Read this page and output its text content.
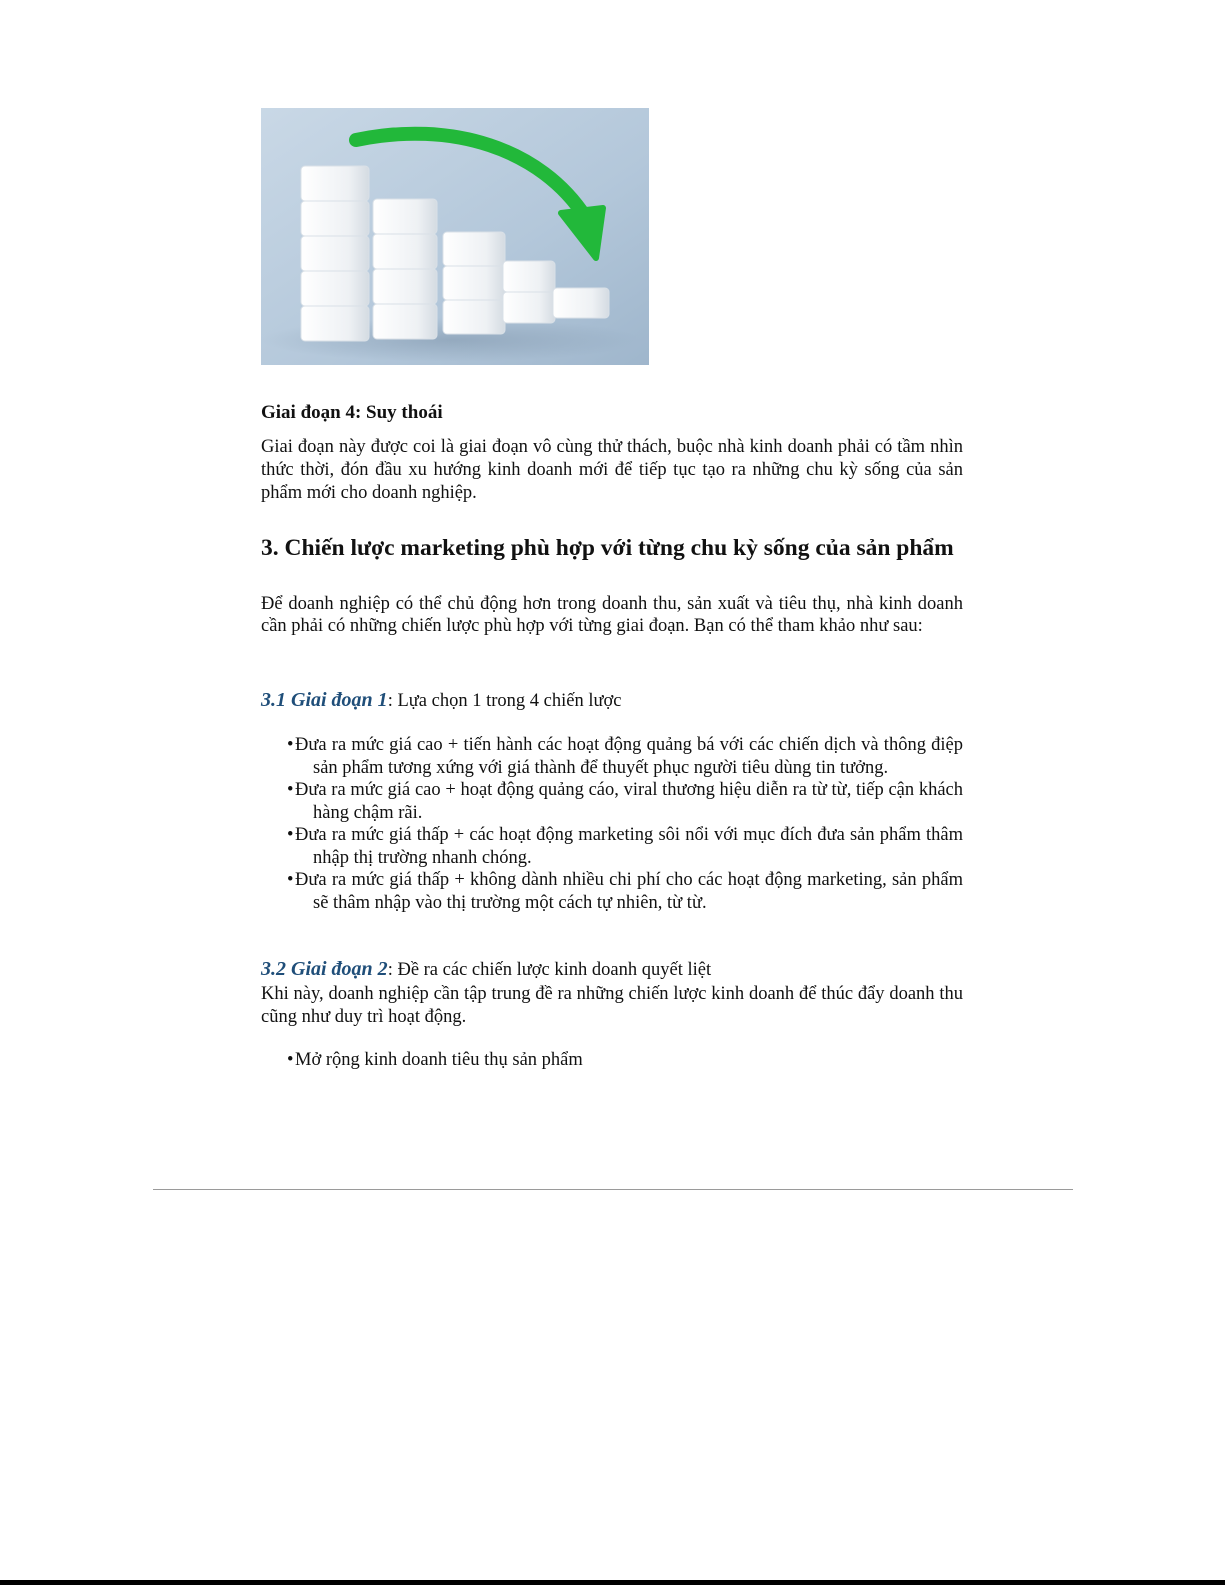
Giai đoạn 4: Suy thoái

Giai đoạn này được coi là giai đoạn vô cùng thử thách, buộc nhà kinh doanh phải có tầm nhìn thức thời, đón đầu xu hướng kinh doanh mới để tiếp tục tạo ra những chu kỳ sống của sản phẩm mới cho doanh nghiệp.

3. Chiến lược marketing phù hợp với từng chu kỳ sống của sản phẩm

Để doanh nghiệp có thể chủ động hơn trong doanh thu, sản xuất và tiêu thụ, nhà kinh doanh cần phải có những chiến lược phù hợp với từng giai đoạn. Bạn có thể tham khảo như sau:

3.1 Giai đoạn 1: Lựa chọn 1 trong 4 chiến lược

•Đưa ra mức giá cao + tiến hành các hoạt động quảng bá với các chiến dịch và thông điệp sản phẩm tương xứng với giá thành để thuyết phục người tiêu dùng tin tưởng.
•Đưa ra mức giá cao + hoạt động quảng cáo, viral thương hiệu diễn ra từ từ, tiếp cận khách hàng chậm rãi.
•Đưa ra mức giá thấp + các hoạt động marketing sôi nổi với mục đích đưa sản phẩm thâm nhập thị trường nhanh chóng.
•Đưa ra mức giá thấp + không dành nhiều chi phí cho các hoạt động marketing, sản phẩm sẽ thâm nhập vào thị trường một cách tự nhiên, từ từ.

3.2 Giai đoạn 2: Đề ra các chiến lược kinh doanh quyết liệt

Khi này, doanh nghiệp cần tập trung đề ra những chiến lược kinh doanh để thúc đẩy doanh thu cũng như duy trì hoạt động.

•Mở rộng kinh doanh tiêu thụ sản phẩm
